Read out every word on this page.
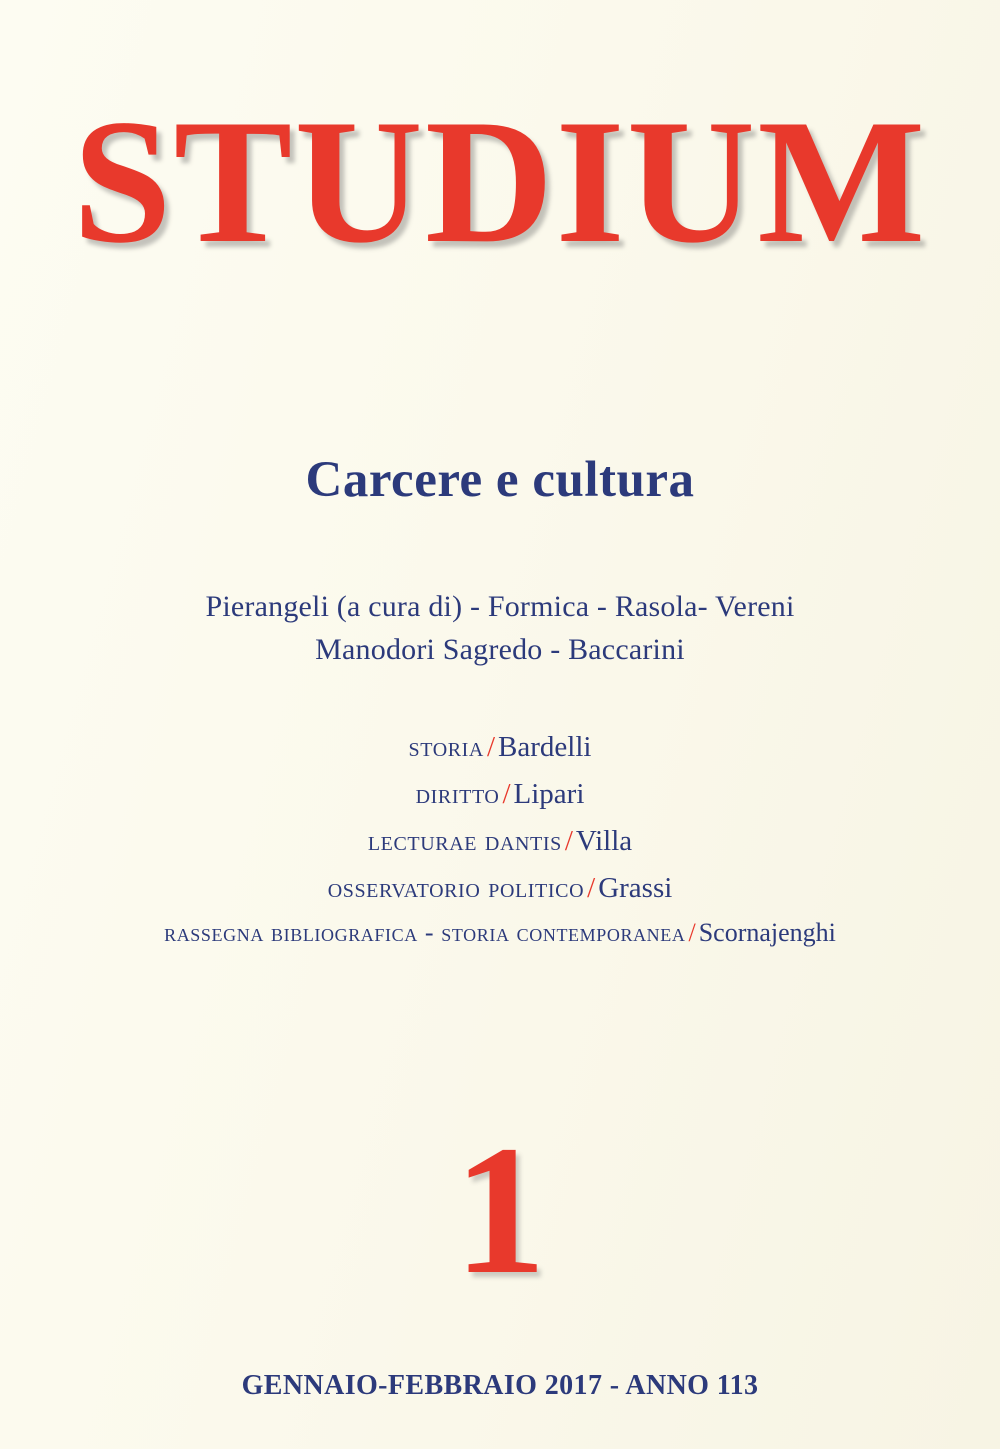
STUDIUM
Carcere e cultura
Pierangeli (a cura di) - Formica - Rasola- Vereni
Manodori Sagredo - Baccarini
storia / Bardelli
diritto / Lipari
lecturae dantis / Villa
osservatorio politico / Grassi
rassegna bibliografica - storia contemporanea / Scornajenghi
1
GENNAIO-FEBBRAIO 2017 - ANNO 113
